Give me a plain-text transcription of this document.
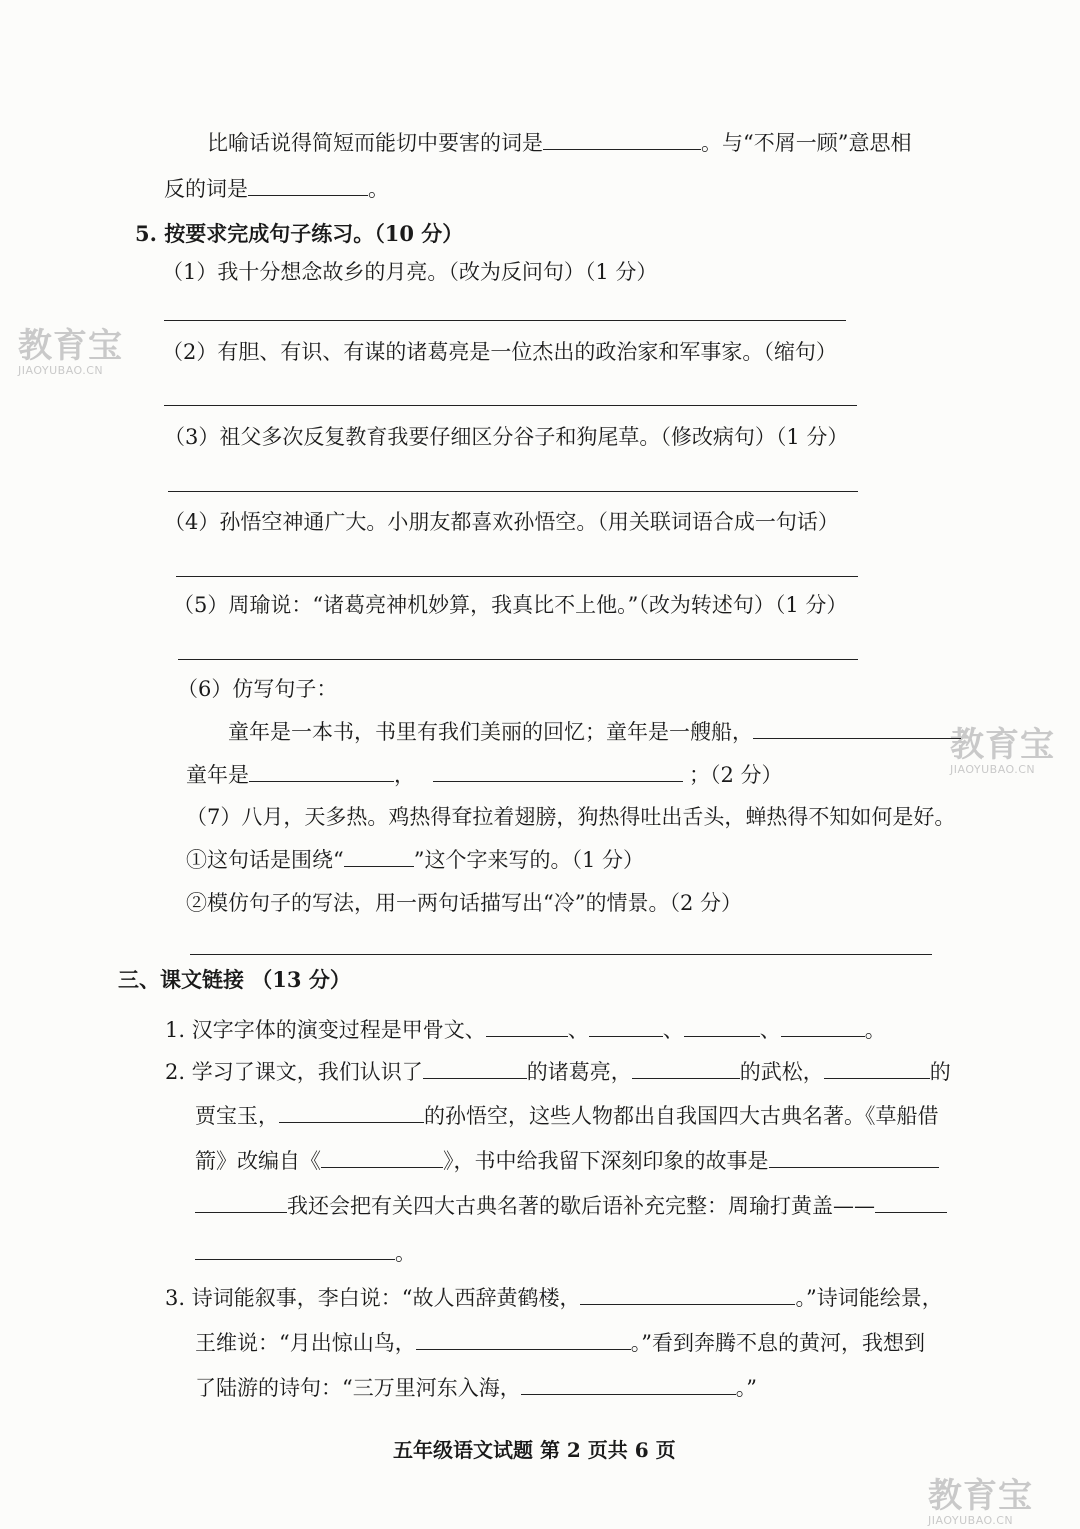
教育宝
JIAOYUBAO.CN
教育宝
JIAOYUBAO.CN
教育宝
JIAOYUBAO.CN
比喻话说得简短而能切中要害的词是	。与“不屑一顾”意思相
反的词是	。
5. 按要求完成句子练习。（10 分）
（1）我十分想念故乡的月亮。（改为反问句）（1 分）
（2）有胆、有识、有谋的诸葛亮是一位杰出的政治家和军事家。（缩句）
（3）祖父多次反复教育我要仔细区分谷子和狗尾草。（修改病句）（1 分）
（4）孙悟空神通广大。小朋友都喜欢孙悟空。（用关联词语合成一句话）
（5）周瑜说：“诸葛亮神机妙算，我真比不上他。”（改为转述句）（1 分）
（6）仿写句子：
童年是一本书，书里有我们美丽的回忆；童年是一艘船，
童年是	，	；（2 分）
（7）八月，天多热。鸡热得耷拉着翅膀，狗热得吐出舌头，蝉热得不知如何是好。
①这句话是围绕“	”这个字来写的。（1 分）
②模仿句子的写法，用一两句话描写出“冷”的情景。（2 分）
三、课文链接 （13 分）
1. 汉字字体的演变过程是甲骨文、	、	、	、	。
2. 学习了课文，我们认识了	的诸葛亮，	的武松，	的
贾宝玉，	的孙悟空，这些人物都出自我国四大古典名著。《草船借
箭》改编自《	》，书中给我留下深刻印象的故事是
我还会把有关四大古典名著的歇后语补充完整：周瑜打黄盖——
。
3. 诗词能叙事，李白说：“故人西辞黄鹤楼，	。”诗词能绘景，
王维说：“月出惊山鸟，	。”看到奔腾不息的黄河，我想到
了陆游的诗句：“三万里河东入海，	。”
五年级语文试题 第 2 页共 6 页
